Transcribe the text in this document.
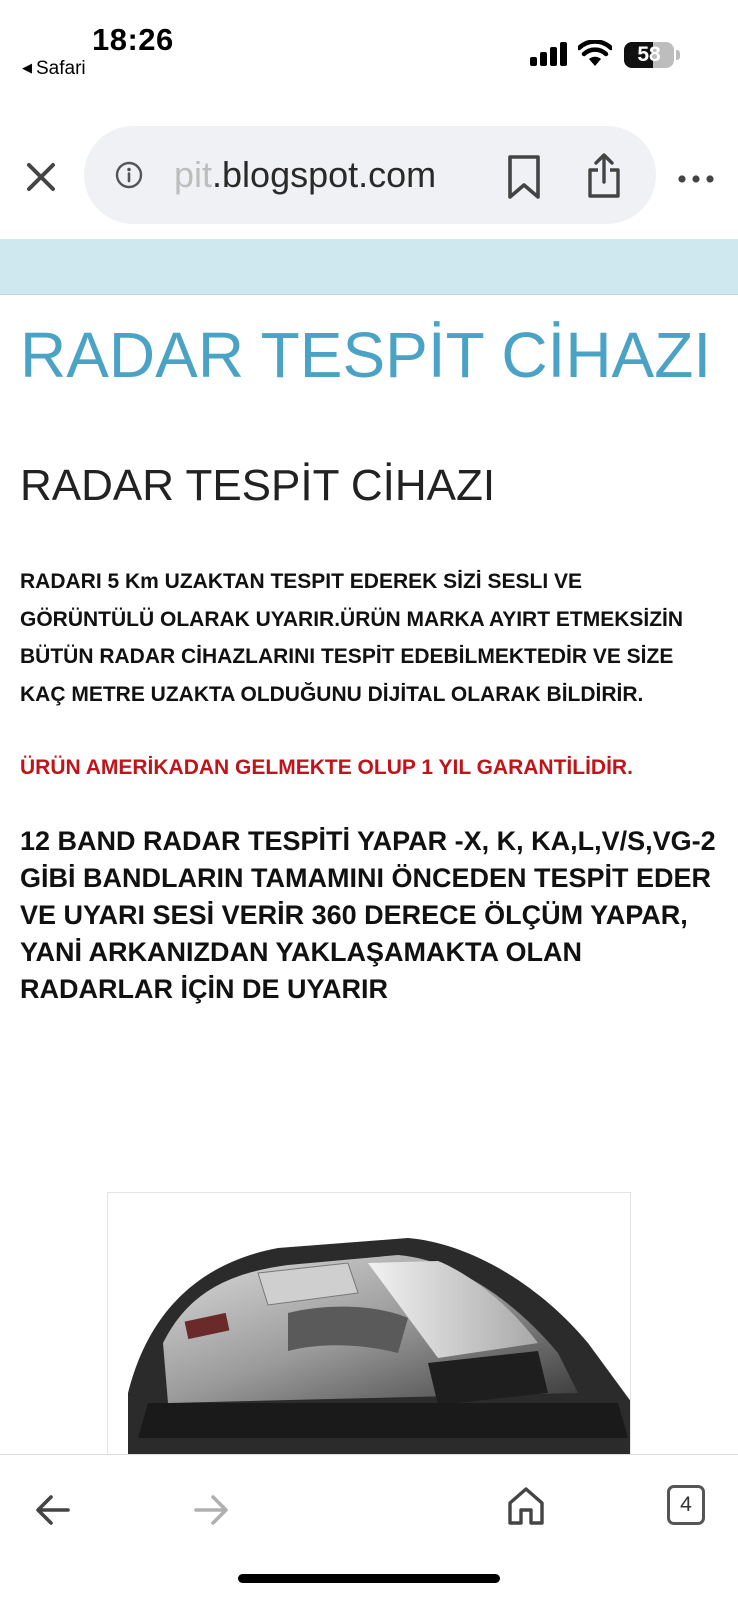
18:26
◀ Safari
58
pit.blogspot.com
RADAR TESPİT CİHAZI
RADAR TESPİT CİHAZI

RADARI 5 Km UZAKTAN TESPIT EDEREK SİZİ SESLI VE GÖRÜNTÜLÜ OLARAK UYARIR.ÜRÜN MARKA AYIRT ETMEKSİZİN BÜTÜN RADAR CİHAZLARINI TESPİT EDEBİLMEKTEDİR VE SİZE KAÇ METRE UZAKTA OLDUĞUNU DİJİTAL OLARAK BİLDİRİR.

ÜRÜN AMERİKADAN GELMEKTE OLUP 1 YIL GARANTİLİDİR.

12 BAND RADAR TESPİTİ YAPAR -X, K, KA,L,V/S,VG-2 GİBİ BANDLARIN TAMAMINI ÖNCEDEN TESPİT EDER VE UYARI SESİ VERİR 360 DERECE ÖLÇÜM YAPAR, YANİ ARKANIZDAN YAKLAŞAMAKTA OLAN RADARLAR İÇİN DE UYARIR

4
